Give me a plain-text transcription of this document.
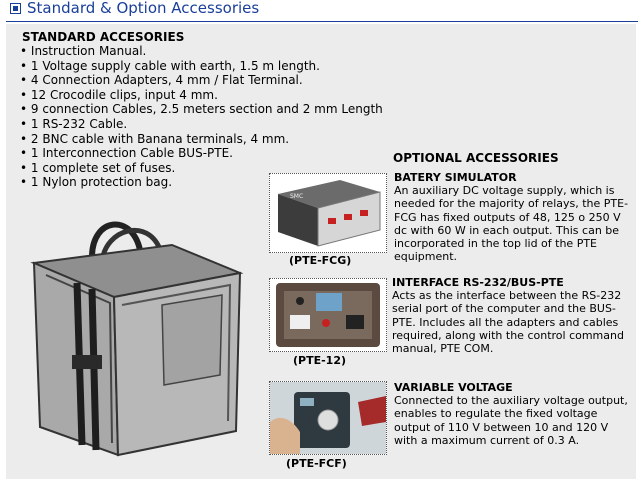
Standard & Option Accessories
STANDARD ACCESORIES
• Instruction Manual.
• 1 Voltage supply cable with earth, 1.5 m length.
• 4 Connection Adapters, 4 mm / Flat Terminal.
• 12 Crocodile clips, input 4 mm.
• 9 connection Cables, 2.5 meters section and 2 mm Length
• 1 RS-232 Cable.
• 2 BNC cable with Banana terminals, 4 mm.
• 1 Interconnection Cable BUS-PTE.
• 1 complete set of fuses.
• 1 Nylon protection bag.
OPTIONAL ACCESSORIES
SMC
(PTE-FCG)
BATERY SIMULATOR
An auxiliary DC voltage supply, which is needed for the majority of relays, the PTE-FCG has fixed outputs of 48, 125 o 250 V dc with 60 W in each output. This can be incorporated in the top lid of the PTE equipment.
(PTE-12)
INTERFACE RS-232/BUS-PTE
Acts as the interface between the RS-232 serial port of the computer and the BUS-PTE. Includes all the adapters and cables required, along with the control command manual, PTE COM.
(PTE-FCF)
VARIABLE VOLTAGE
Connected to the auxiliary voltage output, enables to regulate the fixed voltage output of 110 V between 10 and 120 V with a maximum current of 0.3 A.
